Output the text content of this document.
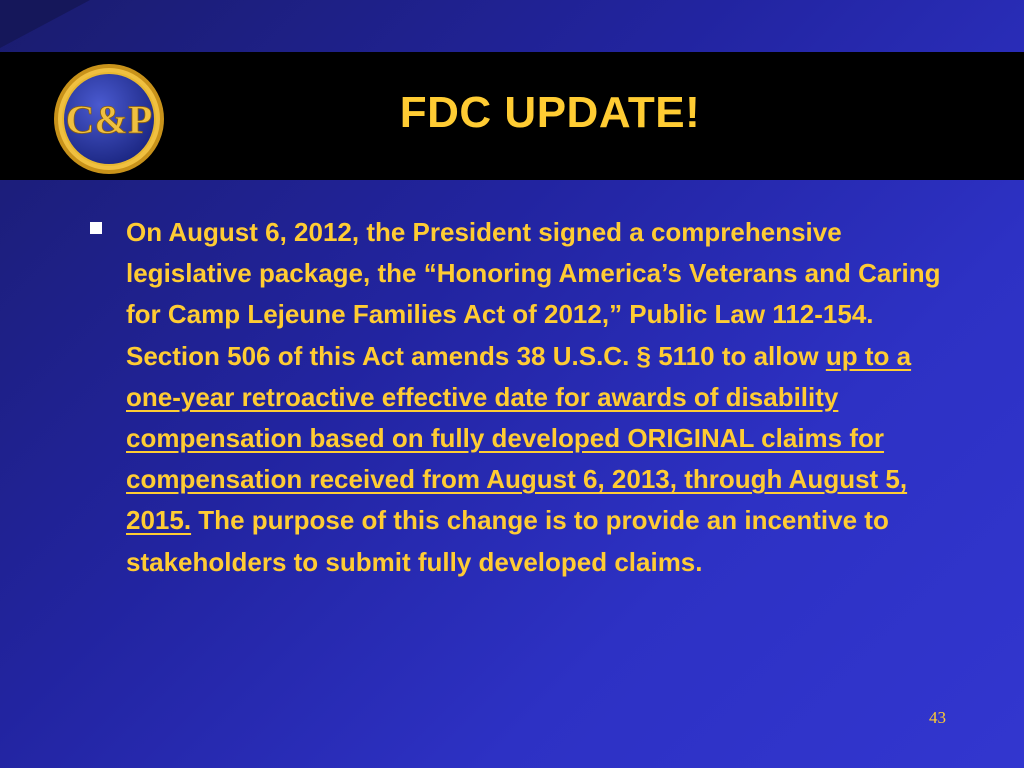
C&P	FDC UPDATE!

On August 6, 2012, the President signed a comprehensive legislative package, the “Honoring America’s Veterans and Caring for Camp Lejeune Families Act of 2012,” Public Law 112-154. Section 506 of this Act amends 38 U.S.C. § 5110 to allow up to a one-year retroactive effective date for awards of disability compensation based on fully developed ORIGINAL claims for compensation received from August 6, 2013, through August 5, 2015. The purpose of this change is to provide an incentive to stakeholders to submit fully developed claims.

43
